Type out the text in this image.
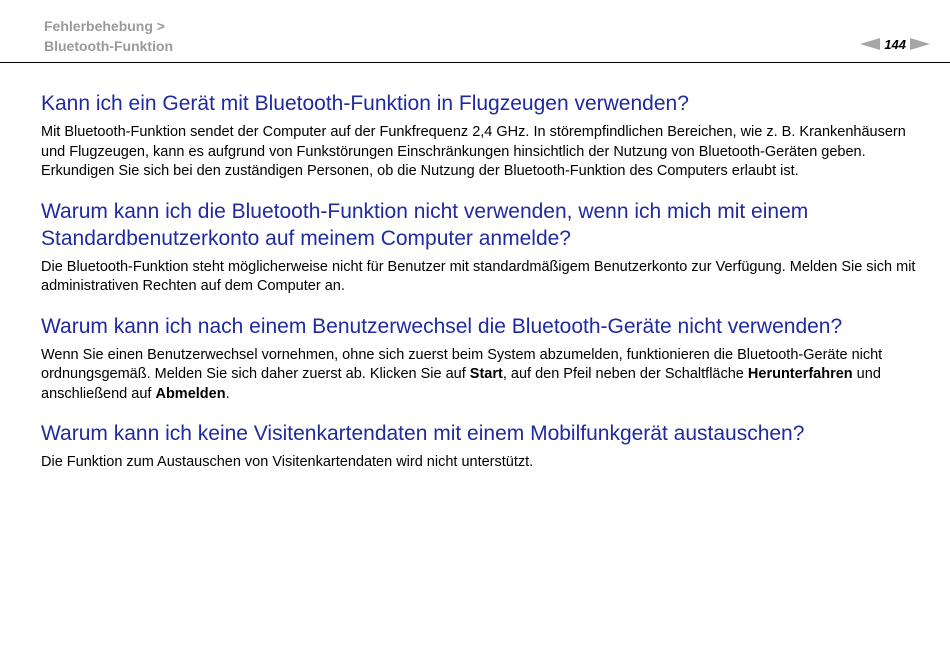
Fehlerbehebung >
Bluetooth-Funktion	144
Kann ich ein Gerät mit Bluetooth-Funktion in Flugzeugen verwenden?

Mit Bluetooth-Funktion sendet der Computer auf der Funkfrequenz 2,4 GHz. In störempfindlichen Bereichen, wie z. B. Krankenhäusern und Flugzeugen, kann es aufgrund von Funkstörungen Einschränkungen hinsichtlich der Nutzung von Bluetooth-Geräten geben. Erkundigen Sie sich bei den zuständigen Personen, ob die Nutzung der Bluetooth-Funktion des Computers erlaubt ist.

Warum kann ich die Bluetooth-Funktion nicht verwenden, wenn ich mich mit einem Standardbenutzerkonto auf meinem Computer anmelde?

Die Bluetooth-Funktion steht möglicherweise nicht für Benutzer mit standardmäßigem Benutzerkonto zur Verfügung. Melden Sie sich mit administrativen Rechten auf dem Computer an.

Warum kann ich nach einem Benutzerwechsel die Bluetooth-Geräte nicht verwenden?

Wenn Sie einen Benutzerwechsel vornehmen, ohne sich zuerst beim System abzumelden, funktionieren die Bluetooth-Geräte nicht ordnungsgemäß. Melden Sie sich daher zuerst ab. Klicken Sie auf Start, auf den Pfeil neben der Schaltfläche Herunterfahren und anschließend auf Abmelden.

Warum kann ich keine Visitenkartendaten mit einem Mobilfunkgerät austauschen?

Die Funktion zum Austauschen von Visitenkartendaten wird nicht unterstützt.
